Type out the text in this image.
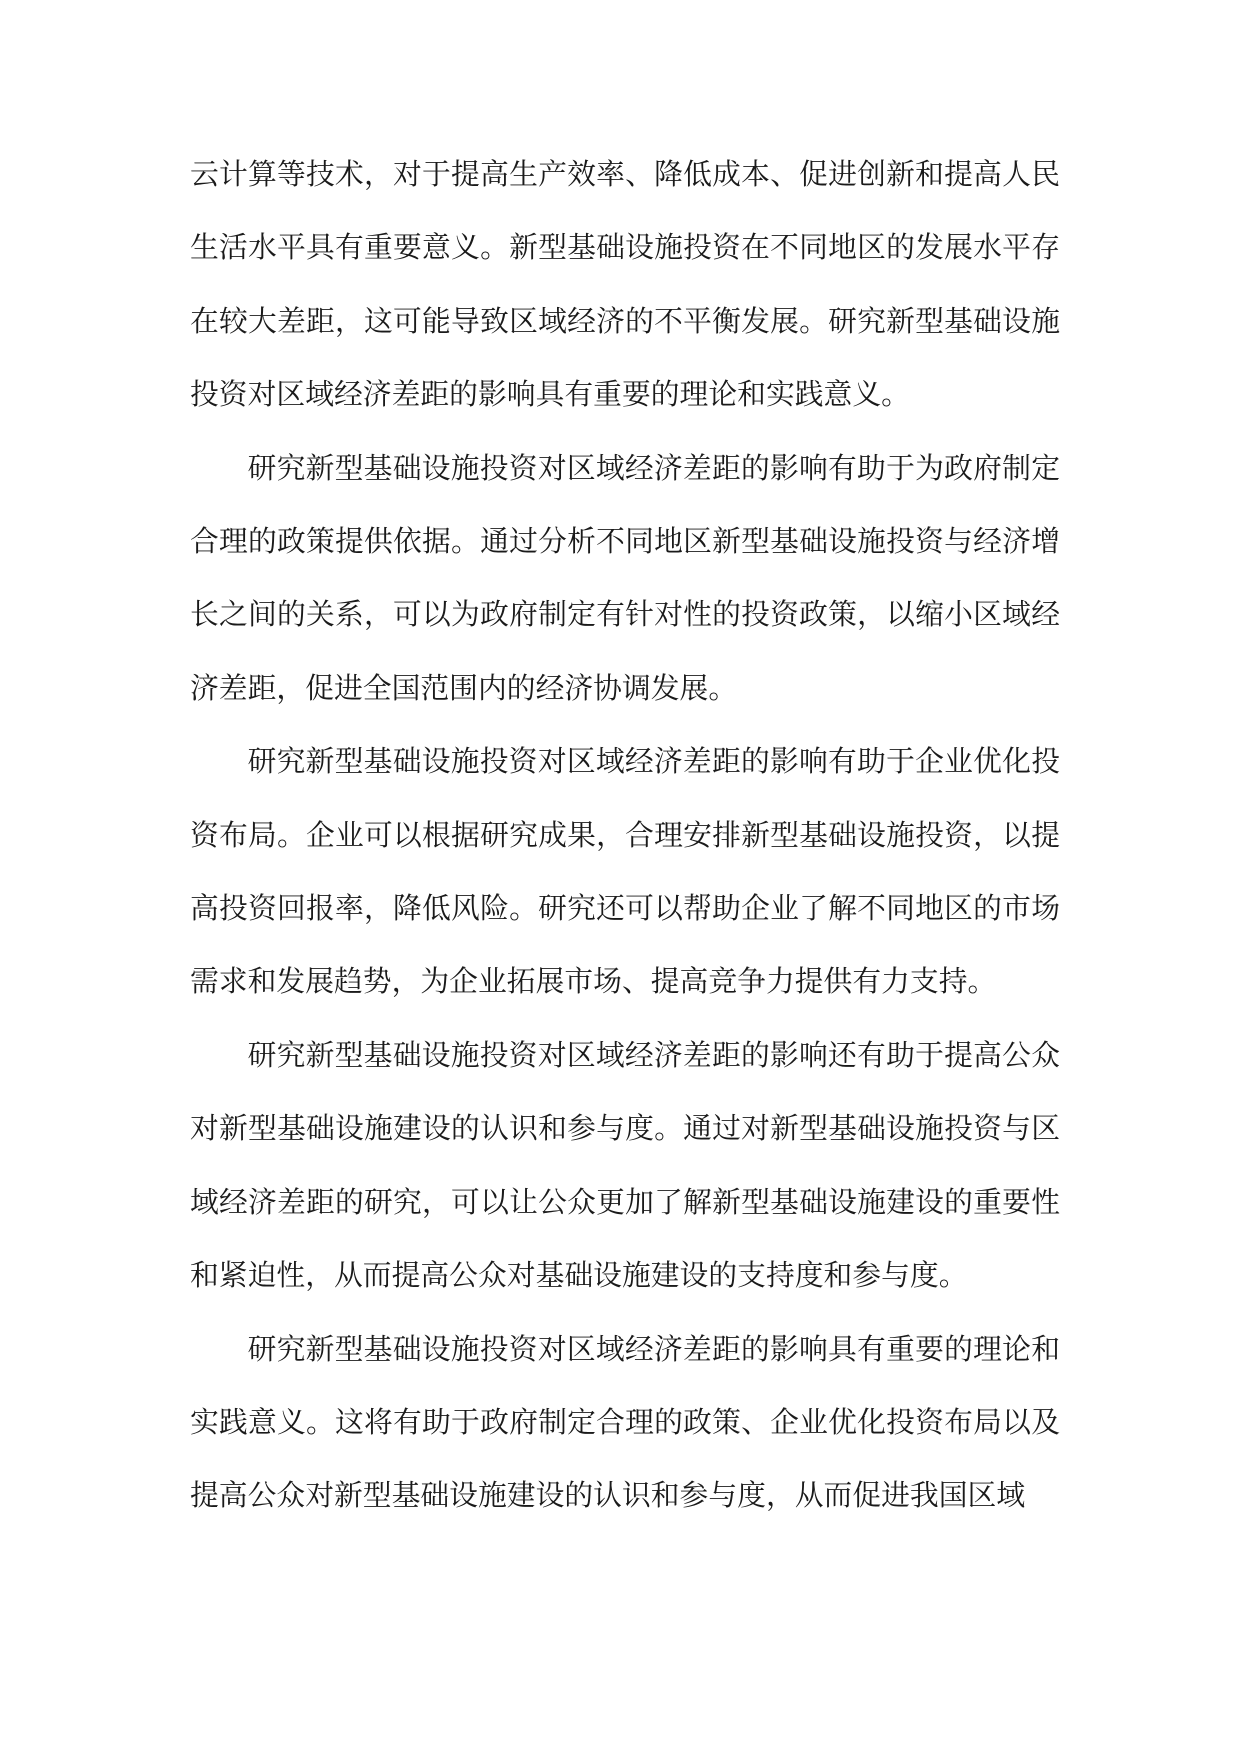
云计算等技术，对于提高生产效率、降低成本、促进创新和提高人民生活水平具有重要意义。新型基础设施投资在不同地区的发展水平存在较大差距，这可能导致区域经济的不平衡发展。研究新型基础设施投资对区域经济差距的影响具有重要的理论和实践意义。

研究新型基础设施投资对区域经济差距的影响有助于为政府制定合理的政策提供依据。通过分析不同地区新型基础设施投资与经济增长之间的关系，可以为政府制定有针对性的投资政策，以缩小区域经济差距，促进全国范围内的经济协调发展。

研究新型基础设施投资对区域经济差距的影响有助于企业优化投资布局。企业可以根据研究成果，合理安排新型基础设施投资，以提高投资回报率，降低风险。研究还可以帮助企业了解不同地区的市场需求和发展趋势，为企业拓展市场、提高竞争力提供有力支持。

研究新型基础设施投资对区域经济差距的影响还有助于提高公众对新型基础设施建设的认识和参与度。通过对新型基础设施投资与区域经济差距的研究，可以让公众更加了解新型基础设施建设的重要性和紧迫性，从而提高公众对基础设施建设的支持度和参与度。

研究新型基础设施投资对区域经济差距的影响具有重要的理论和实践意义。这将有助于政府制定合理的政策、企业优化投资布局以及提高公众对新型基础设施建设的认识和参与度，从而促进我国区域
